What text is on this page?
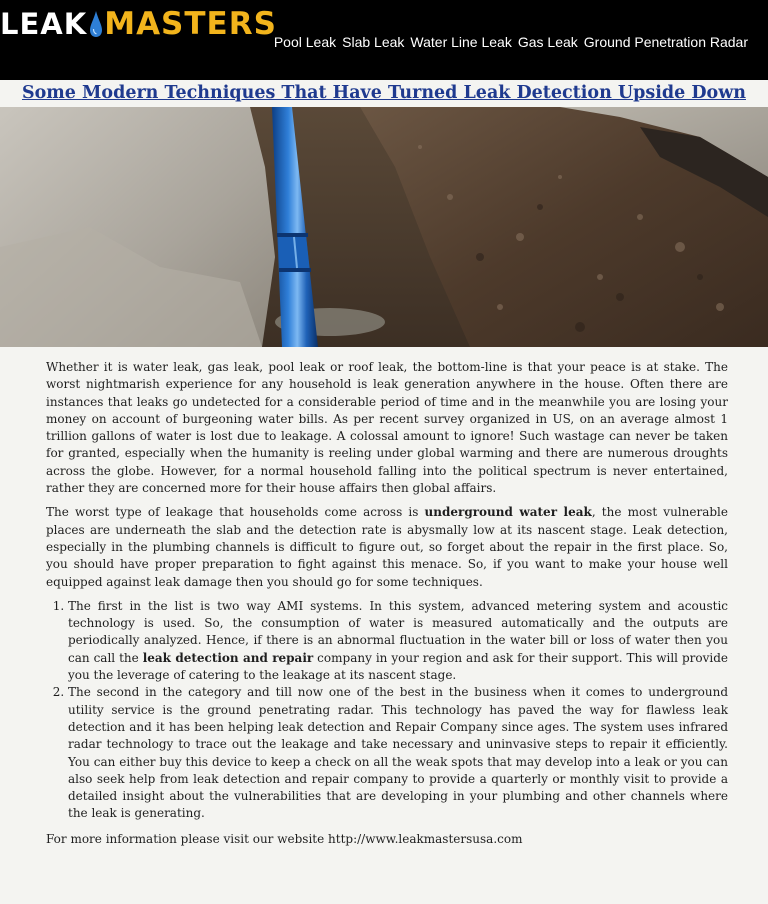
LEAK MASTERS
Pool Leak Slab Leak Water Line Leak Gas Leak Ground Penetration Radar
Some Modern Techniques That Have Turned Leak Detection Upside Down

Whether it is water leak, gas leak, pool leak or roof leak, the bottom-line is that your peace is at stake. The worst nightmarish experience for any household is leak generation anywhere in the house. Often there are instances that leaks go undetected for a considerable period of time and in the meanwhile you are losing your money on account of burgeoning water bills. As per recent survey organized in US, on an average almost 1 trillion gallons of water is lost due to leakage. A colossal amount to ignore! Such wastage can never be taken for granted, especially when the humanity is reeling under global warming and there are numerous droughts across the globe. However, for a normal household falling into the political spectrum is never entertained, rather they are concerned more for their house affairs then global affairs.

The worst type of leakage that households come across is underground water leak, the most vulnerable places are underneath the slab and the detection rate is abysmally low at its nascent stage. Leak detection, especially in the plumbing channels is difficult to figure out, so forget about the repair in the first place. So, you should have proper preparation to fight against this menace. So, if you want to make your house well equipped against leak damage then you should go for some techniques.

1. The first in the list is two way AMI systems. In this system, advanced metering system and acoustic technology is used. So, the consumption of water is measured automatically and the outputs are periodically analyzed. Hence, if there is an abnormal fluctuation in the water bill or loss of water then you can call the leak detection and repair company in your region and ask for their support. This will provide you the leverage of catering to the leakage at its nascent stage.
2. The second in the category and till now one of the best in the business when it comes to underground utility service is the ground penetrating radar. This technology has paved the way for flawless leak detection and it has been helping leak detection and Repair Company since ages. The system uses infrared radar technology to trace out the leakage and take necessary and uninvasive steps to repair it efficiently. You can either buy this device to keep a check on all the weak spots that may develop into a leak or you can also seek help from leak detection and repair company to provide a quarterly or monthly visit to provide a detailed insight about the vulnerabilities that are developing in your plumbing and other channels where the leak is generating.

For more information please visit our website http://www.leakmastersusa.com
